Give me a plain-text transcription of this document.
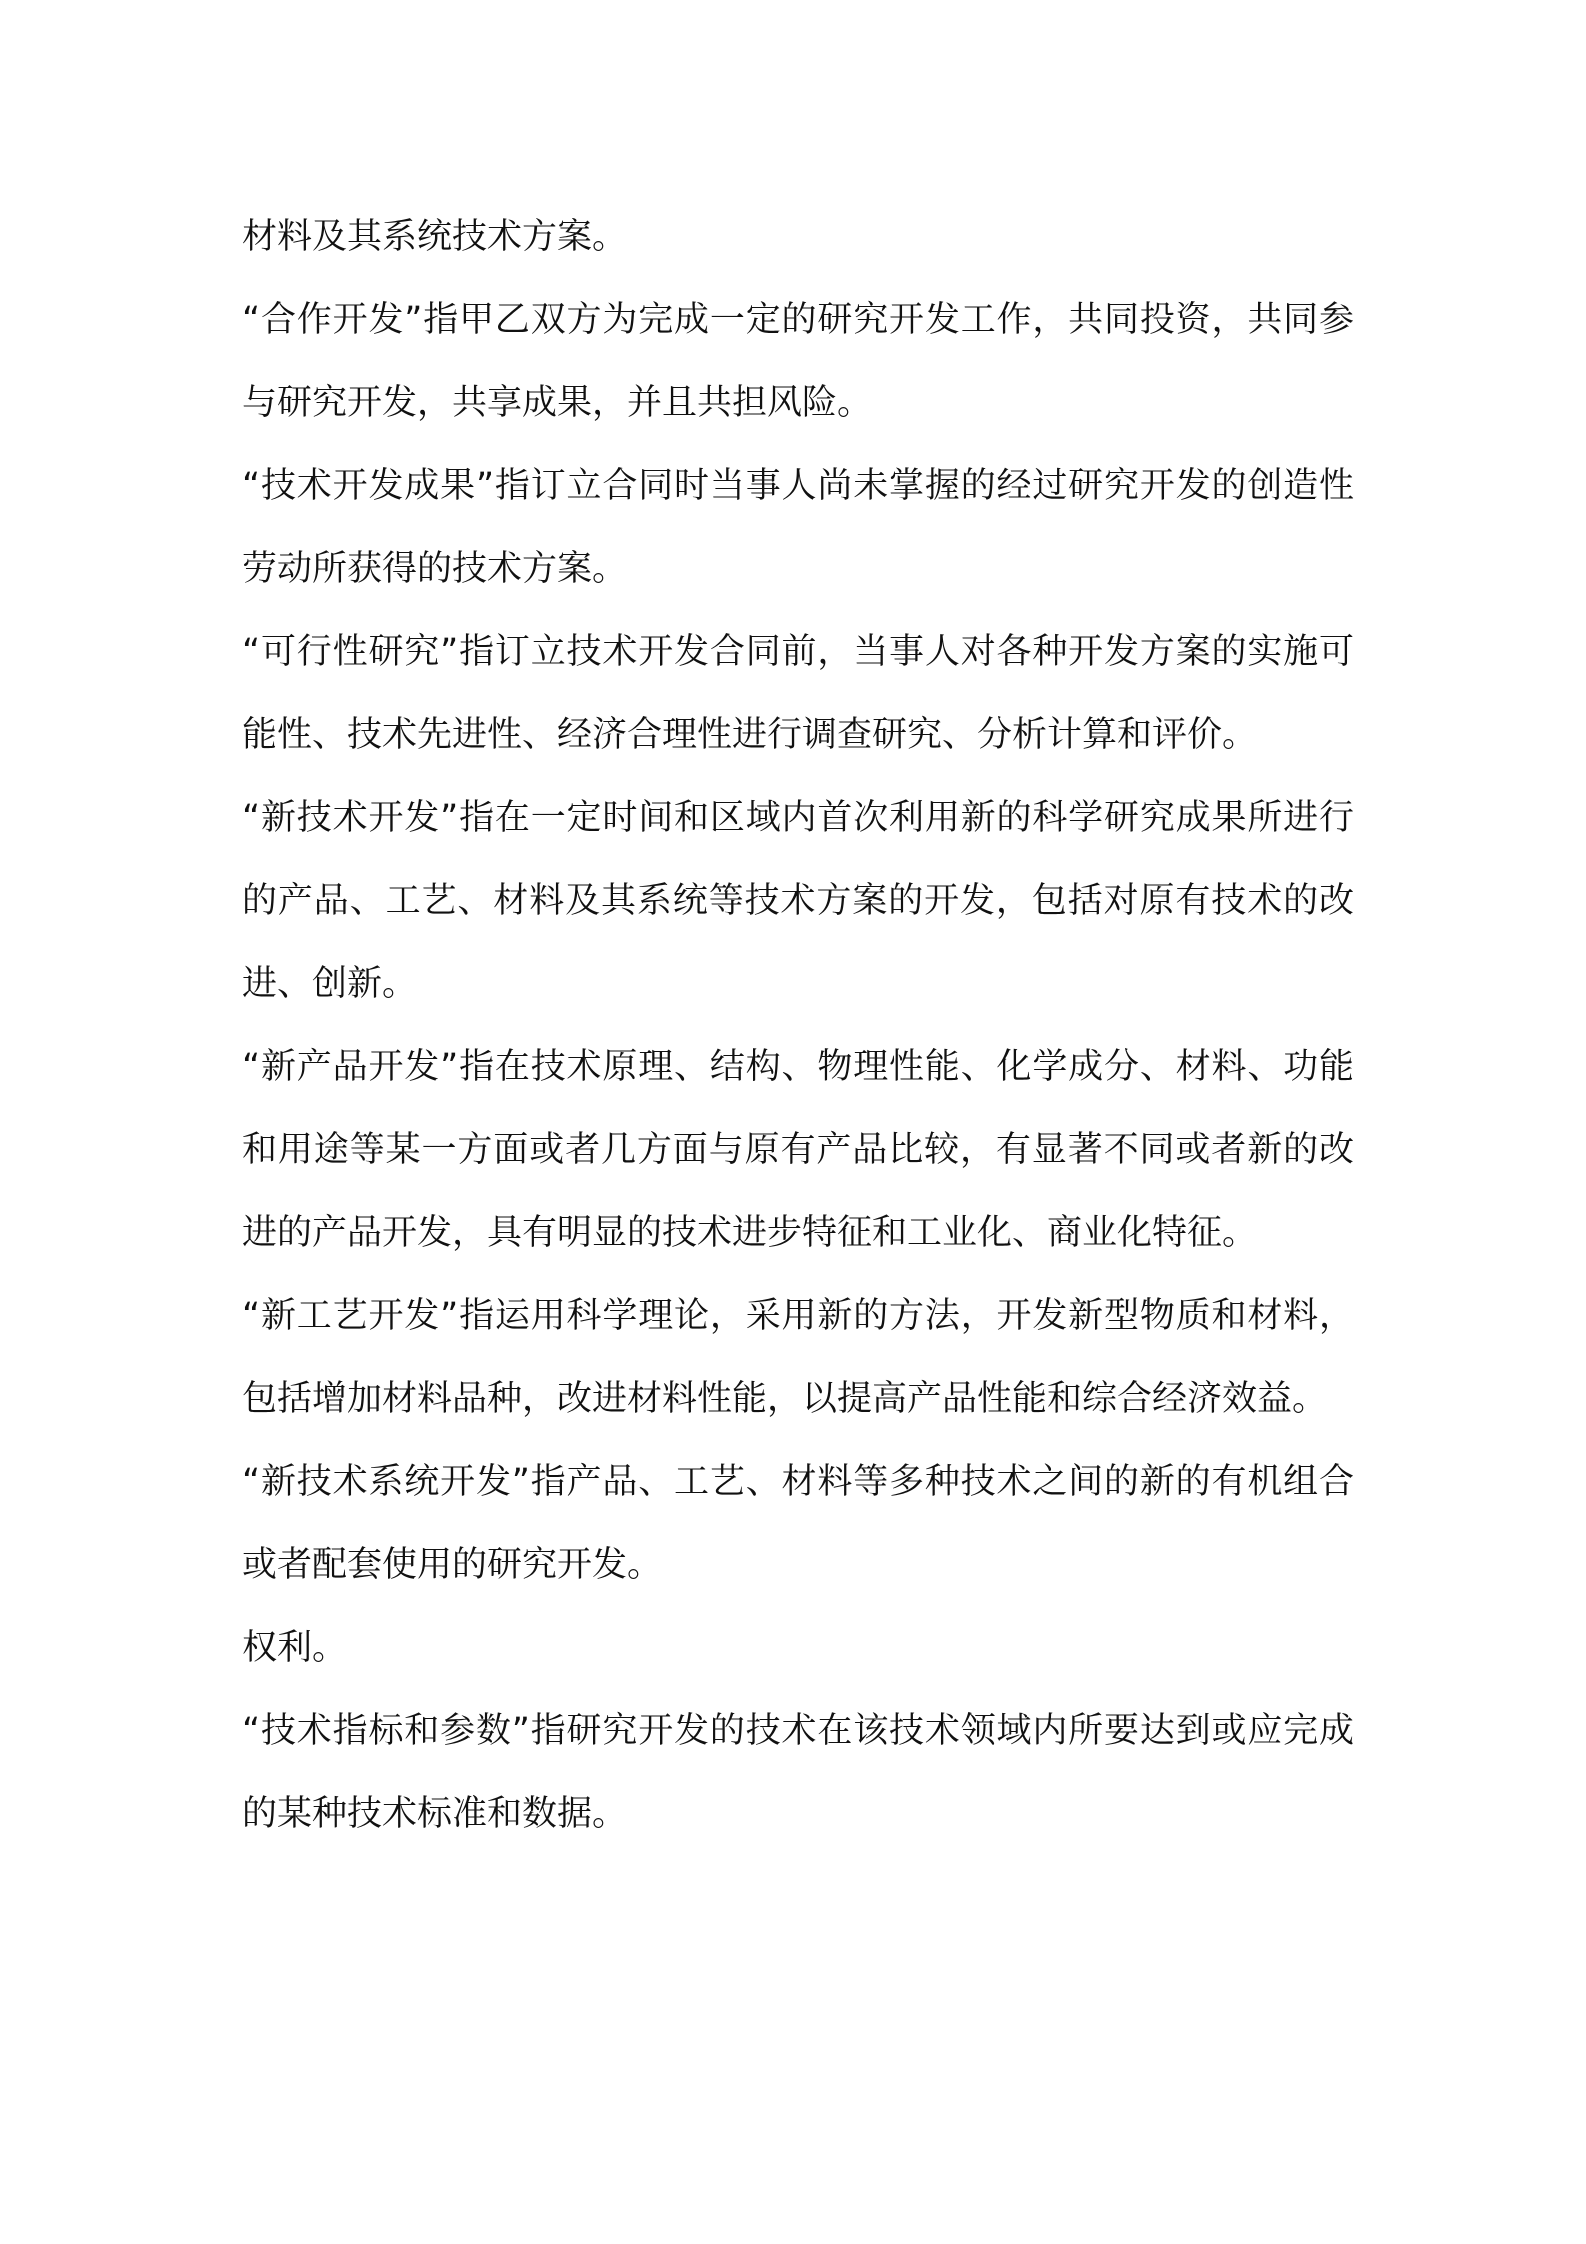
材料及其系统技术方案。

“合作开发”指甲乙双方为完成一定的研究开发工作，共同投资，共同参与研究开发，共享成果，并且共担风险。

“技术开发成果”指订立合同时当事人尚未掌握的经过研究开发的创造性劳动所获得的技术方案。

“可行性研究”指订立技术开发合同前，当事人对各种开发方案的实施可能性、技术先进性、经济合理性进行调查研究、分析计算和评价。

“新技术开发”指在一定时间和区域内首次利用新的科学研究成果所进行的产品、工艺、材料及其系统等技术方案的开发，包括对原有技术的改进、创新。

“新产品开发”指在技术原理、结构、物理性能、化学成分、材料、功能和用途等某一方面或者几方面与原有产品比较，有显著不同或者新的改进的产品开发，具有明显的技术进步特征和工业化、商业化特征。

“新工艺开发”指运用科学理论，采用新的方法，开发新型物质和材料，包括增加材料品种，改进材料性能，以提高产品性能和综合经济效益。

“新技术系统开发”指产品、工艺、材料等多种技术之间的新的有机组合或者配套使用的研究开发。

权利。

“技术指标和参数”指研究开发的技术在该技术领域内所要达到或应完成的某种技术标准和数据。
